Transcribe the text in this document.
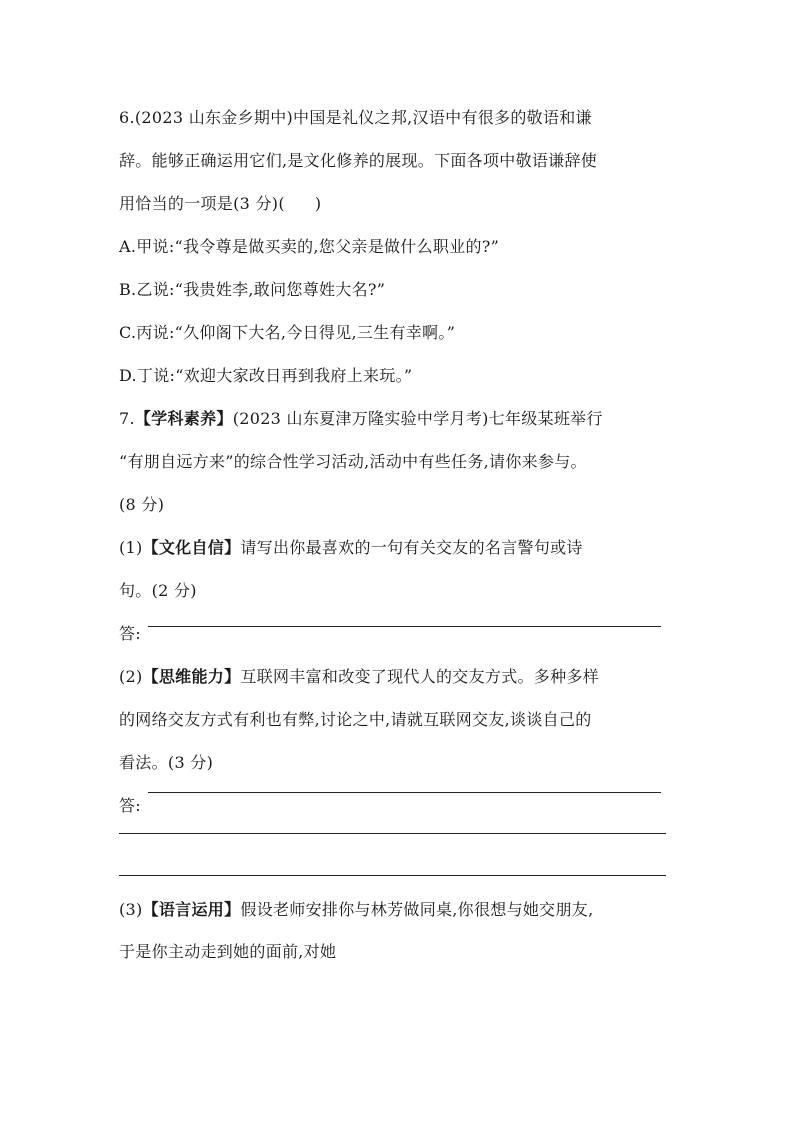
6.(2023 山东金乡期中)中国是礼仪之邦,汉语中有很多的敬语和谦
辞。能够正确运用它们,是文化修养的展现。下面各项中敬语谦辞使
用恰当的一项是(3 分)( )
A.甲说:“我令尊是做买卖的,您父亲是做什么职业的?”
B.乙说:“我贵姓李,敢问您尊姓大名?”
C.丙说:“久仰阁下大名,今日得见,三生有幸啊。”
D.丁说:“欢迎大家改日再到我府上来玩。”
7.【学科素养】(2023 山东夏津万隆实验中学月考)七年级某班举行
“有朋自远方来”的综合性学习活动,活动中有些任务,请你来参与。
(8 分)
(1)【文化自信】请写出你最喜欢的一句有关交友的名言警句或诗
句。(2 分)
答:
(2)【思维能力】互联网丰富和改变了现代人的交友方式。多种多样
的网络交友方式有利也有弊,讨论之中,请就互联网交友,谈谈自己的
看法。(3 分)
答:
(3)【语言运用】假设老师安排你与林芳做同桌,你很想与她交朋友,
于是你主动走到她的面前,对她
